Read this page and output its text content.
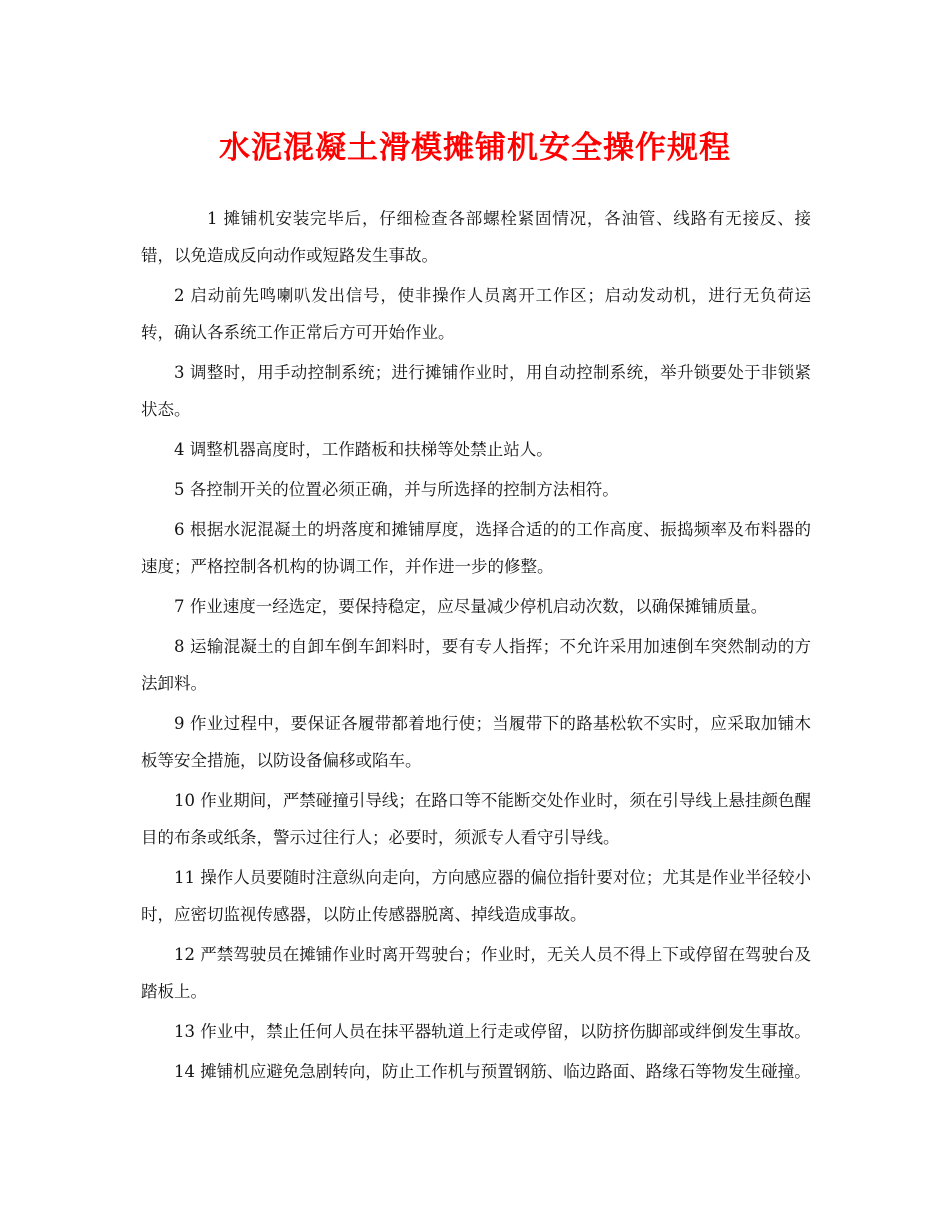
水泥混凝土滑模摊铺机安全操作规程

1 摊铺机安装完毕后，仔细检查各部螺栓紧固情况，各油管、线路有无接反、接错，以免造成反向动作或短路发生事故。

2 启动前先鸣喇叭发出信号，使非操作人员离开工作区；启动发动机，进行无负荷运转，确认各系统工作正常后方可开始作业。

3 调整时，用手动控制系统；进行摊铺作业时，用自动控制系统，举升锁要处于非锁紧状态。

4 调整机器高度时，工作踏板和扶梯等处禁止站人。

5 各控制开关的位置必须正确，并与所选择的控制方法相符。

6 根据水泥混凝土的坍落度和摊铺厚度，选择合适的的工作高度、振捣频率及布料器的速度；严格控制各机构的协调工作，并作进一步的修整。

7 作业速度一经选定，要保持稳定，应尽量减少停机启动次数，以确保摊铺质量。

8 运输混凝土的自卸车倒车卸料时，要有专人指挥；不允许采用加速倒车突然制动的方法卸料。

9 作业过程中，要保证各履带都着地行使；当履带下的路基松软不实时，应采取加铺木板等安全措施，以防设备偏移或陷车。

10 作业期间，严禁碰撞引导线；在路口等不能断交处作业时，须在引导线上悬挂颜色醒目的布条或纸条，警示过往行人；必要时，须派专人看守引导线。

11 操作人员要随时注意纵向走向，方向感应器的偏位指针要对位；尤其是作业半径较小时，应密切监视传感器，以防止传感器脱离、掉线造成事故。

12 严禁驾驶员在摊铺作业时离开驾驶台；作业时，无关人员不得上下或停留在驾驶台及踏板上。

13 作业中，禁止任何人员在抹平器轨道上行走或停留，以防挤伤脚部或绊倒发生事故。

14 摊铺机应避免急剧转向，防止工作机与预置钢筋、临边路面、路缘石等物发生碰撞。
